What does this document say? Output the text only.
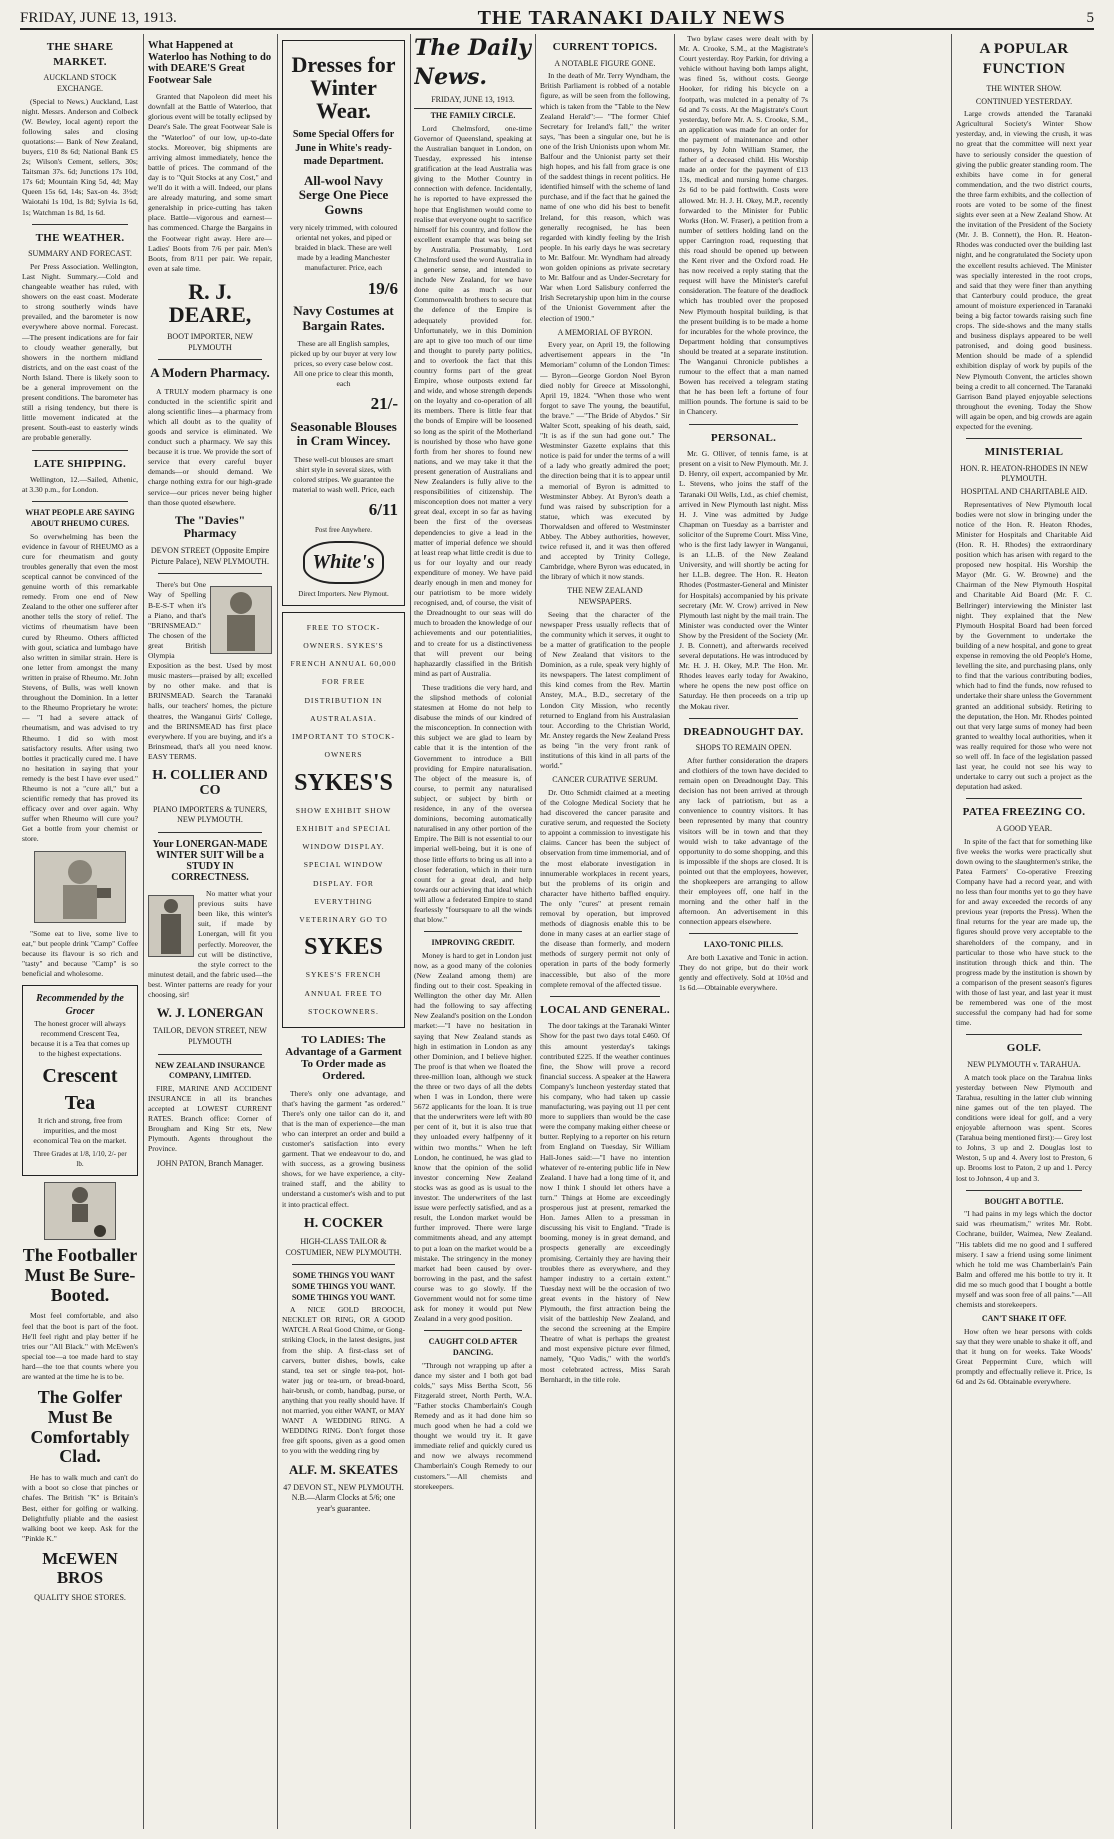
FRIDAY, JUNE 13, 1913.	THE TARANAKI DAILY NEWS	5
THE SHARE MARKET.
AUCKLAND STOCK EXCHANGE.

(Special to News.) Auckland, Last night. Messrs. Anderson and Colbeck (W. Bewley, local agent) report the following sales and closing quotations:— Bank of New Zealand, buyers, £10 8s 6d; National Bank £5 2s; Wilson's Cement, sellers, 30s; Taitsman 37s. 6d; Junctions 17s 10d, 17s 6d; Mountain King 5d, 4d; May Queen 15s 6d, 14s; Sax-on 4s. 3½d; Waiotahi 1s 10d, 1s 8d; Sylvia 1s 6d, 1s; Watchman 1s 8d, 1s 6d.

THE WEATHER.
SUMMARY AND FORECAST.

Per Press Association. Wellington, Last Night. Summary.—Cold and changeable weather has ruled, with showers on the east coast. Moderate to strong southerly winds have prevailed, and the barometer is now everywhere above normal. Forecast.—The present indications are for fair to cloudy weather generally, but showers in the northern midland districts, and on the east coast of the North Island. There is likely soon to be a general improvement on the present conditions. The barometer has still a rising tendency, but there is little movement indicated at the present. South-east to easterly winds are probable generally.

LATE SHIPPING.

Wellington, 12.—Sailed, Athenic, at 3.30 p.m., for London.

WHAT PEOPLE ARE SAYING ABOUT RHEUMO CURES.

So overwhelming has been the evidence in favour of RHEUMO as a cure for rheumatism and gouty troubles generally that even the most sceptical cannot be convinced of the genuine worth of this remarkable remedy. From one end of New Zealand to the other one sufferer after another tells the story of relief. The victims of rheumatism have been cured by Rheumo. Others afflicted with gout, sciatica and lumbago have also written in similar strain. Here is one letter from amongst the many written in praise of Rheumo. Mr. John Stevens, of Bulls, was well known throughout the Dominion. In a letter to the Rheumo Proprietary he wrote:— "I had a severe attack of rheumatism, and was advised to try Rheumo. I did so with most satisfactory results. After using two bottles it practically cured me. I have no hesitation in saying that your remedy is the best I have ever used." Rheumo is not a "cure all," but a scientific remedy that has proved its efficacy over and over again. Why suffer when Rheumo will cure you? Get a bottle from your chemist or store.

"Some eat to live, some live to eat," but people drink "Camp" Coffee because its flavour is so rich and "tasty" and because "Camp" is so beneficial and wholesome.

Recommended by the Grocer

The honest grocer will always recommend Crescent Tea, because it is a Tea that comes up to the highest expectations.

Crescent Tea

It rich and strong, free from impurities, and the most economical Tea on the market.

Three Grades at 1/8, 1/10, 2/- per lb.
The Footballer Must Be Sure-Booted.

Most feel comfortable, and also feel that the boot is part of the foot. He'll feel right and play better if he tries our "All Black." with McEwen's special toe—a toe made hard to stay hard—the toe that counts where you are wanted at the time he is to be.

The Golfer Must Be Comfortably Clad.

He has to walk much and can't do with a boot so close that pinches or chafes. The British "K" is Britain's Best, either for golfing or walking. Delightfully pliable and the easiest walking boot we keep. Ask for the "Pinkle K."

McEWEN BROS
QUALITY SHOE STORES.
What Happened at Waterloo has Nothing to do with DEARE'S Great Footwear Sale

Granted that Napoleon did meet his downfall at the Battle of Waterloo, that glorious event will be totally eclipsed by Deare's Sale. The great Footwear Sale is the "Waterloo" of our low, up-to-date stocks. Moreover, big shipments are arriving almost immediately, hence the battle of prices. The command of the day is to "Quit Stocks at any Cost," and we'll do it with a will. Indeed, our plans are already maturing, and some smart generalship in price-cutting has taken place. Battle—vigorous and earnest—has commenced. Charge the Bargains in the Footwear right away. Here are— Ladies' Boots from 7/6 per pair. Men's Boots, from 8/11 per pair. We repair, even at sale time.

R. J. DEARE,
BOOT IMPORTER, NEW PLYMOUTH
A Modern Pharmacy.

A TRULY modern pharmacy is one conducted in the scientific spirit and along scientific lines—a pharmacy from which all doubt as to the quality of goods and service is eliminated. We conduct such a pharmacy. We say this because it is true. We provide the sort of service that every careful buyer demands—or should demand. We charge nothing extra for our high-grade service—our prices never being higher than those quoted elsewhere.

The "Davies" Pharmacy
DEVON STREET (Opposite Empire Picture Palace), NEW PLYMOUTH.

There's but One Way of Spelling B-E-S-T when it's a Piano, and that's "BRINSMEAD." The chosen of the great British Olympia Exposition as the best. Used by most music masters—praised by all; excelled by no other make. and that is BRINSMEAD. Search the Taranaki halls, our teachers' homes, the picture theatres, the Wanganui Girls' College, and the BRINSMEAD has first place everywhere. If you are buying, and it's a Brinsmead, that's all you need know. EASY TERMS.

H. COLLIER AND CO
PIANO IMPORTERS & TUNERS, NEW PLYMOUTH.
Your LONERGAN-MADE WINTER SUIT Will be a STUDY IN CORRECTNESS.

No matter what your previous suits have been like, this winter's suit, if made by Lonergan, will fit you perfectly. Moreover, the cut will be distinctive, the style correct to the minutest detail, and the fabric used—the best. Winter patterns are ready for your choosing, sir!

W. J. LONERGAN
TAILOR, DEVON STREET, NEW PLYMOUTH
NEW ZEALAND INSURANCE COMPANY, LIMITED.

FIRE, MARINE AND ACCIDENT INSURANCE in all its branches accepted at LOWEST CURRENT RATES. Branch office: Corner of Brougham and King Str ets, New Plymouth. Agents throughout the Province.

JOHN PATON, Branch Manager.
Dresses for Winter Wear.
Some Special Offers for June in White's ready-made Department.
All-wool Navy Serge One Piece Gowns

very nicely trimmed, with coloured oriental net yokes, and piped or braided in black. These are well made by a leading Manchester manufacturer. Price, each

19/6
Navy Costumes at Bargain Rates.

These are all English samples, picked up by our buyer at very low prices, so every case below cost. All one price to clear this month, each

21/-
Seasonable Blouses in Cram Wincey.

These well-cut blouses are smart shirt style in several sizes, with colored stripes. We guarantee the material to wash well. Price, each

6/11
Post free Anywhere.
White's
Direct Importers. New Plymout.
FREE TO STOCK-OWNERS. SYKES'S FRENCH ANNUAL 60,000 FOR FREE DISTRIBUTION IN AUSTRALASIA. IMPORTANT TO STOCK-OWNERS
SYKES'S
SHOW EXHIBIT SHOW EXHIBIT and SPECIAL WINDOW DISPLAY. SPECIAL WINDOW DISPLAY. FOR EVERYTHING VETERINARY GO TO
SYKES
SYKES'S FRENCH ANNUAL FREE TO STOCKOWNERS.
TO LADIES: The Advantage of a Garment To Order made as Ordered.

There's only one advantage, and that's having the garment "as ordered." There's only one tailor can do it, and that is the man of experience—the man who can interpret an order and build a customer's satisfaction into every garment. That we endeavour to do, and with success, as a growing business shows, for we have experience, a city-trained staff, and the ability to understand a customer's wish and to put it into practical effect.

H. COCKER
HIGH-CLASS TAILOR & COSTUMIER, NEW PLYMOUTH.
SOME THINGS YOU WANT SOME THINGS YOU WANT. SOME THINGS YOU WANT.

A NICE GOLD BROOCH, NECKLET OR RING, OR A GOOD WATCH. A Real Good Chime, or Gong-striking Clock, in the latest designs, just from the ship. A first-class set of carvers, butter dishes, bowls, cake stand, tea set or single tea-pot, hot-water jug or tea-urn, or bread-board, hair-brush, or comb, handbag, purse, or anything that you really should have. If not married, you either WANT, or MAY WANT A WEDDING RING. A WEDDING RING. Don't forget those free gift spoons, given as a good omen to you with the wedding ring by

ALF. M. SKEATES
47 DEVON ST., NEW PLYMOUTH. N.B.—Alarm Clocks at 5/6; one year's guarantee.
The Daily News.
FRIDAY, JUNE 13, 1913.
THE FAMILY CIRCLE.

Lord Chelmsford, one-time Governor of Queensland, speaking at the Australian banquet in London, on Tuesday, expressed his intense gratification at the lead Australia was giving to the Mother Country in connection with defence. Incidentally, he is reported to have expressed the hope that Englishmen would come to realise that everyone ought to sacrifice himself for his country, and follow the excellent example that was being set by Australia. Presumably, Lord Chelmsford used the word Australia in a generic sense, and intended to include New Zealand, for we have done quite as much as our Commonwealth brothers to secure that the defence of the Empire is adequately provided for. Unfortunately, we in this Dominion are apt to give too much of our time and thought to purely party politics, and to overlook the fact that this country forms part of the great Empire, whose outposts extend far and wide, and whose strength depends on the loyalty and co-operation of all its members. There is little fear that the bonds of Empire will be loosened so long as the spirit of the Motherland is nourished by those who have gone forth from her shores to found new nations, and we may take it that the present generation of Australians and New Zealanders is fully alive to the responsibilities of citizenship. The misconception does not matter a very great deal, except in so far as having been the first of the overseas dependencies to give a lead in the matter of imperial defence we should at least reap what little credit is due to us for our loyalty and our ready expenditure of money. We have paid dearly enough in men and money for our patriotism to be more widely recognised, and, of course, the visit of the Dreadnought to our seas will do much to broaden the knowledge of our achievements and our potentialities, and to create for us a distinctiveness that will prevent our being haphazardly classified in the British mind as part of Australia.

These traditions die very hard, and the slipshod methods of colonial statesmen at Home do not help to disabuse the minds of our kindred of the misconception. In connection with this subject we are glad to learn by cable that it is the intention of the Government to introduce a Bill providing for Empire naturalisation. The object of the measure is, of course, to permit any naturalised subject, or subject by birth or residence, in any of the oversea dominions, becoming automatically naturalised in any other portion of the Empire. The Bill is not essential to our imperial well-being, but it is one of those little efforts to bring us all into a closer federation, which in their turn count for a great deal, and help towards our achieving that ideal which will allow a federated Empire to stand fearlessly "foursquare to all the winds that blow."

IMPROVING CREDIT.

Money is hard to get in London just now, as a good many of the colonies (New Zealand among them) are finding out to their cost. Speaking in Wellington the other day Mr. Allen had the following to say affecting New Zealand's position on the London market:—"I have no hesitation in saying that New Zealand stands as high in estimation in London as any other Dominion, and I believe higher. The proof is that when we floated the three-million loan, although we stuck the three or two days of all the debts when I was in London, there were 5672 applicants for the loan. It is true that the underwriters were left with 80 per cent of it, but it is also true that they unloaded every halfpenny of it within two months." When he left London, he continued, he was glad to know that the opinion of the solid investor concerning New Zealand stocks was as good as is usual to the investor. The underwriters of the last issue were perfectly satisfied, and as a result, the London market would be further improved. There were large commitments ahead, and any attempt to put a loan on the market would be a mistake. The stringency in the money market had been caused by over-borrowing in the past, and the safest course was to go slowly. If the Government would not for some time ask for money it would put New Zealand in a very good position.

CAUGHT COLD AFTER DANCING.

"Through not wrapping up after a dance my sister and I both got bad colds," says Miss Bertha Scott, 56 Fitzgerald street, North Perth, W.A. "Father stocks Chamberlain's Cough Remedy and as it had done him so much good when he had a cold we thought we would try it. It gave immediate relief and quickly cured us and now we always recommend Chamberlain's Cough Remedy to our customers."—All chemists and storekeepers.

CURRENT TOPICS.
A NOTABLE FIGURE GONE.

In the death of Mr. Terry Wyndham, the British Parliament is robbed of a notable figure, as will be seen from the following, which is taken from the "Table to the New Zealand Herald":— "The former Chief Secretary for Ireland's fall," the writer says, "has been a singular one, but he is one of the Irish Unionists upon whom Mr. Balfour and the Unionist party set their high hopes, and his fall from grace is one of the saddest things in recent politics. He identified himself with the scheme of land purchase, and if the fact that he gained the name of one who did his best to benefit Ireland, for this reason, which was generally recognised, he has been regarded with kindly feeling by the Irish people. In his early days he was secretary to Mr. Balfour. Mr. Wyndham had already won golden opinions as private secretary to Mr. Balfour and as Under-Secretary for War when Lord Salisbury conferred the Irish Secretaryship upon him in the course of the Unionist Government after the election of 1900."

A MEMORIAL OF BYRON.

Every year, on April 19, the following advertisement appears in the "In Memoriam" column of the London Times:— Byron—George Gordon Noel Byron died nobly for Greece at Missolonghi, April 19, 1824. "When those who went forgot to save The young, the beautiful, the brave." —"The Bride of Abydos." Sir Walter Scott, speaking of his death, said, "It is as if the sun had gone out." The Westminster Gazette explains that this notice is paid for under the terms of a will of a lady who greatly admired the poet; the direction being that it is to appear until a memorial of Byron is admitted to Westminster Abbey. At Byron's death a fund was raised by subscription for a statue, which was executed by Thorwaldsen and offered to Westminster Abbey. The Abbey authorities, however, twice refused it, and it was then offered and accepted by Trinity College, Cambridge, where Byron was educated, in the library of which it now stands.

THE NEW ZEALAND NEWSPAPERS.

Seeing that the character of the newspaper Press usually reflects that of the community which it serves, it ought to be a matter of gratification to the people of New Zealand that visitors to the Dominion, as a rule, speak very highly of its newspapers. The latest compliment of this kind comes from the Rev. Martin Anstey, M.A., B.D., secretary of the London City Mission, who recently returned to England from his Australasian tour. According to the Christian World, Mr. Anstey regards the New Zealand Press as being "in the very front rank of institutions of this kind in all parts of the world."

CANCER CURATIVE SERUM.

Dr. Otto Schmidt claimed at a meeting of the Cologne Medical Society that he had discovered the cancer parasite and curative serum, and requested the Society to appoint a commission to investigate his claims. Cancer has been the subject of observation from time immemorial, and of the most elaborate investigation in innumerable workplaces in recent years, but the problems of its origin and character have hitherto baffled enquiry. The only "cures" at present remain removal by operation, but improved methods of diagnosis enable this to be done in many cases at an earlier stage of the disease than formerly, and modern methods of surgery permit not only of operation in parts of the body formerly inaccessible, but also of the more complete removal of the affected tissue.

LOCAL AND GENERAL.

The door takings at the Taranaki Winter Show for the past two days total £460. Of this amount yesterday's takings contributed £225. If the weather continues fine, the Show will prove a record financial success. A speaker at the Hawera Company's luncheon yesterday stated that his company, who had taken up cassie manufacturing, was paying out 11 per cent more to suppliers than would be the case were the company making either cheese or butter. Replying to a reporter on his return from England on Tuesday, Sir William Hall-Jones said:—"I have no intention whatever of re-entering public life in New Zealand. I have had a long time of it, and now I think I should let others have a turn." Things at Home are exceedingly prosperous just at present, remarked the Hon. James Allen to a pressman in discussing his visit to England. "Trade is booming, money is in great demand, and prospects generally are exceedingly promising. Certainly they are having their troubles there as everywhere, and they hamper industry to a certain extent." Tuesday next will be the occasion of two great events in the history of New Plymouth, the first attraction being the visit of the battleship New Zealand, and the second the screening at the Empire Theatre of what is perhaps the greatest and most expensive picture ever filmed, namely, "Quo Vadis," with the world's most celebrated actress, Miss Sarah Bernhardt, in the title role.

Two bylaw cases were dealt with by Mr. A. Crooke, S.M., at the Magistrate's Court yesterday. Roy Parkin, for driving a vehicle without having both lamps alight, was fined 5s, without costs. George Hooker, for riding his bicycle on a footpath, was mulcted in a penalty of 7s 6d and 7s costs. At the Magistrate's Court yesterday, before Mr. A. S. Crooke, S.M., an application was made for an order for the payment of maintenance and other moneys, by John William Stamer, the father of a deceased child. His Worship made an order for the payment of £13 13s, medical and nursing home charges. 2s 6d to be paid forthwith. Costs were allowed. Mr. H. J. H. Okey, M.P., recently forwarded to the Minister for Public Works (Hon. W. Fraser), a petition from a number of settlers holding land on the upper Carrington road, requesting that this road should be opened up between the Kent river and the Oxford road. He has now received a reply stating that the request will have the Minister's careful consideration. The feature of the deadlock which has troubled over the proposed New Plymouth hospital building, is that the present building is to be made a home for incurables for the whole province, the Department holding that consumptives should be treated at a separate institution. The Wanganui Chronicle publishes a rumour to the effect that a man named Bowen has received a telegram stating that he has been left a fortune of four million pounds. The fortune is said to be in Chancery.

PERSONAL.

Mr. G. Olliver, of tennis fame, is at present on a visit to New Plymouth. Mr. J. D. Henry, oil expert, accompanied by Mr. L. Stevens, who joins the staff of the Taranaki Oil Wells, Ltd., as chief chemist, arrived in New Plymouth last night. Miss H. J. Vine was admitted by Judge Chapman on Tuesday as a barrister and solicitor of the Supreme Court. Miss Vine, who is the first lady lawyer in Wanganui, is an LL.B. of the New Zealand University, and will shortly be acting for her LL.B. degree. The Hon. R. Heaton Rhodes (Postmaster-General and Minister for Hospitals) accompanied by his private secretary (Mr. W. Crow) arrived in New Plymouth last night by the mail train. The Minister was conducted over the Winter Show by the President of the Society (Mr. J. B. Connett), and afterwards received several deputations. He was introduced by Mr. H. J. H. Okey, M.P. The Hon. Mr. Rhodes leaves early today for Awakino, where he opens the new post office on Saturday. He then proceeds on a trip up the Mokau river.

DREADNOUGHT DAY.
SHOPS TO REMAIN OPEN.

After further consideration the drapers and clothiers of the town have decided to remain open on Dreadnought Day. This decision has not been arrived at through any lack of patriotism, but as a convenience to country visitors. It has been represented by many that country visitors will be in town and that they would wish to take advantage of the opportunity to do some shopping, and this is impossible if the shops are closed. It is pointed out that the employees, however, the shopkeepers are arranging to allow their employees off, one half in the morning and the other half in the afternoon. An advertisement in this connection appears elsewhere.

LAXO-TONIC PILLS.

Are both Laxative and Tonic in action. They do not gripe, but do their work gently and effectively. Sold at 10½d and 1s 6d.—Obtainable everywhere.

A POPULAR FUNCTION
THE WINTER SHOW.
CONTINUED YESTERDAY.

Large crowds attended the Taranaki Agricultural Society's Winter Show yesterday, and, in viewing the crush, it was no great that the committee will next year have to seriously consider the question of giving the public greater standing room. The exhibits have come in for general commendation, and the two district courts, the three farm exhibits, and the collection of roots are voted to be some of the finest sights ever seen at a New Zealand Show. At the invitation of the President of the Society (Mr. J. B. Connett), the Hon. R. Heaton-Rhodes was conducted over the building last night, and he congratulated the Society upon the excellent results achieved. The Minister was specially interested in the root crops, and said that they were finer than anything that Canterbury could produce, the great amount of moisture experienced in Taranaki being a big factor towards raising such fine crops. The side-shows and the many stalls and business displays appeared to be well patronised, and doing good business. Mention should be made of a splendid exhibition display of work by pupils of the New Plymouth Convent, the articles shown being a credit to all concerned. The Taranaki Garrison Band played enjoyable selections throughout the evening. Today the Show will again be open, and big crowds are again expected for the evening.

MINISTERIAL
HON. R. HEATON-RHODES IN NEW PLYMOUTH.
HOSPITAL AND CHARITABLE AID.

Representatives of New Plymouth local bodies were not slow in bringing under the notice of the Hon. R. Heaton Rhodes, Minister for Hospitals and Charitable Aid (Hon. R. H. Rhodes) the extraordinary position which has arisen with regard to the proposed new hospital. His Worship the Mayor (Mr. G. W. Browne) and the Chairman of the New Plymouth Hospital and Charitable Aid Board (Mr. F. C. Bellringer) interviewing the Minister last night. They explained that the New Plymouth Hospital Board had been forced by the Government to undertake the building of a new hospital, and gone to great expense in removing the old People's Home, levelling the site, and purchasing plans, only to find that the various contributing bodies, which had to find the funds, now refused to undertake their share unless the Government granted an additional subsidy. Retiring to the deputation, the Hon. Mr. Rhodes pointed out that very large sums of money had been granted to wealthy local authorities, when it was really required for those who were not so well off. In face of the legislation passed last year, he could not see his way to undertake to carry out such a project as the deputation had asked.

PATEA FREEZING CO.
A GOOD YEAR.

In spite of the fact that for something like five weeks the works were practically shut down owing to the slaughtermen's strike, the Patea Farmers' Co-operative Freezing Company have had a record year, and with no less than four months yet to go they have for and away exceeded the records of any previous year (reports the Press). When the final returns for the year are made up, the figures should prove very acceptable to the shareholders of the company, and in particular to those who have stuck to the institution through thick and thin. The progress made by the institution is shown by a comparison of the present season's figures with those of last year, and last year it must be remembered was one of the most successful the company had had for some time.

GOLF.
NEW PLYMOUTH v. TARAHUA.

A match took place on the Tarahua links yesterday between New Plymouth and Tarahua, resulting in the latter club winning nine games out of the ten played. The conditions were ideal for golf, and a very enjoyable afternoon was spent. Scores (Tarahua being mentioned first):— Grey lost to Johns, 3 up and 2. Douglas lost to Weston, 5 up and 4. Avery lost to Preston, 6 up. Brooms lost to Paton, 2 up and 1. Percy lost to Johnson, 4 up and 3.

BOUGHT A BOTTLE.

"I had pains in my legs which the doctor said was rheumatism," writes Mr. Robt. Cochrane, builder, Waimea, New Zealand. "His tablets did me no good and I suffered misery. I saw a friend using some liniment which he told me was Chamberlain's Pain Balm and offered me his bottle to try it. It did me so much good that I bought a bottle myself and was soon free of all pains."—All chemists and storekeepers.

CAN'T SHAKE IT OFF.

How often we hear persons with colds say that they were unable to shake it off, and that it hung on for weeks. Take Woods' Great Peppermint Cure, which will promptly and effectually relieve it. Price, 1s 6d and 2s 6d. Obtainable everywhere.
